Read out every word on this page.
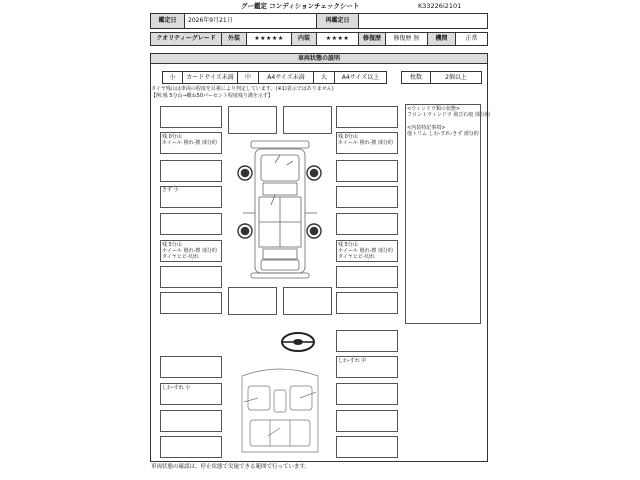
グー鑑定 コンディションチェックシート	K33226i2101
鑑定日	2026年9月21日	再鑑定日
クオリティーグレード	外装	★★★★★	内装	★★★★	修復歴	修復歴 無	機関	正常
車両状態の説明
小	カードサイズ未満	中	A4サイズ未満	大	A4サイズ以上	枚数	2個以上
タイヤ残山は車両の程度を目視により判定しています。(※1)表示ではありません)
【例:残 5分山→概ね50パーセント程度残り溝を示す】
残 0分山
ホイール 削れ‐擦 部分的
残 0分山
ホイール 削れ‐擦 部分的
きず 小
残 5分山
ホイール 削れ‐擦 部分的
タイヤヒビ‐切れ
残 5分山
ホイール 削れ‐擦 部分的
タイヤヒビ‐切れ
<ウィンドウ類の状態>
フロントウィンドウ 飛び石痕 部分的
<内装特記事項>
他トリム しわ‐すれ‐きず 部分的
しわ‐すれ 中
しわ‐すれ 小
車両状態の確認は、停止状態で実施できる範囲で行っています。
